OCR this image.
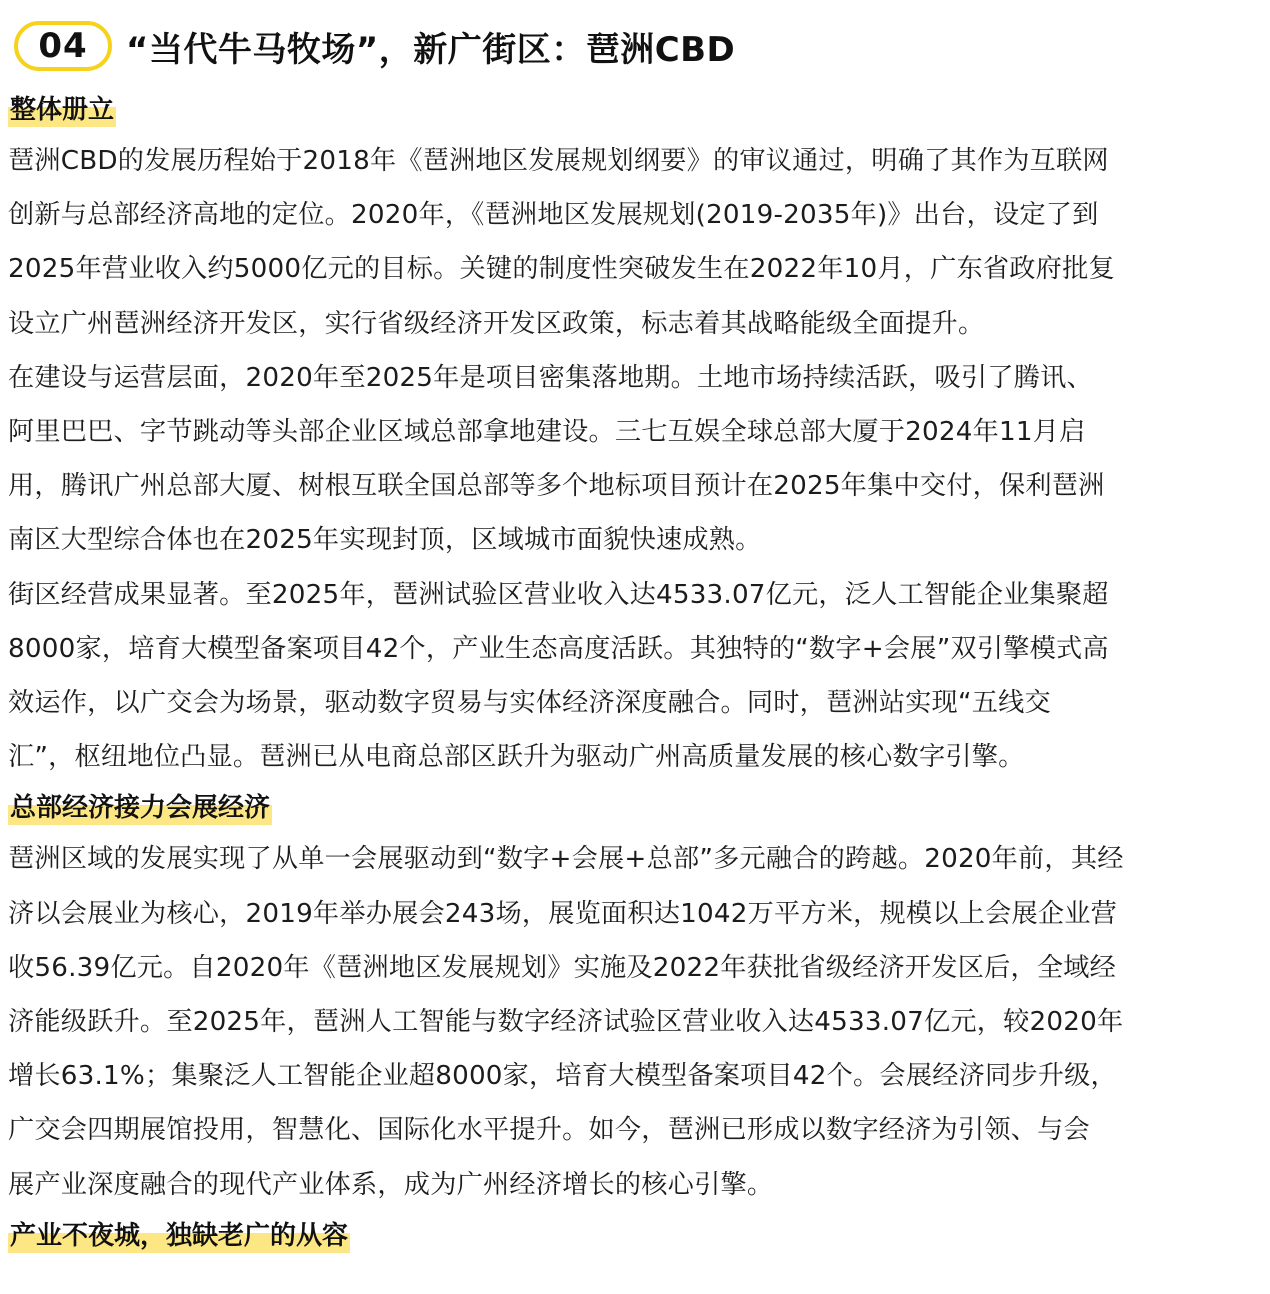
04	“当代牛马牧场”，新广街区：琶洲CBD
整体册立
琶洲CBD的发展历程始于2018年《琶洲地区发展规划纲要》的审议通过，明确了其作为互联网
创新与总部经济高地的定位。2020年，《琶洲地区发展规划(2019-2035年)》出台，设定了到
2025年营业收入约5000亿元的目标。关键的制度性突破发生在2022年10月，广东省政府批复
设立广州琶洲经济开发区，实行省级经济开发区政策，标志着其战略能级全面提升。
在建设与运营层面，2020年至2025年是项目密集落地期。土地市场持续活跃，吸引了腾讯、
阿里巴巴、字节跳动等头部企业区域总部拿地建设。三七互娱全球总部大厦于2024年11月启
用，腾讯广州总部大厦、树根互联全国总部等多个地标项目预计在2025年集中交付，保利琶洲
南区大型综合体也在2025年实现封顶，区域城市面貌快速成熟。
街区经营成果显著。至2025年，琶洲试验区营业收入达4533.07亿元，泛人工智能企业集聚超
8000家，培育大模型备案项目42个，产业生态高度活跃。其独特的“数字+会展”双引擎模式高
效运作，以广交会为场景，驱动数字贸易与实体经济深度融合。同时，琶洲站实现“五线交
汇”，枢纽地位凸显。琶洲已从电商总部区跃升为驱动广州高质量发展的核心数字引擎。
总部经济接力会展经济
琶洲区域的发展实现了从单一会展驱动到“数字+会展+总部”多元融合的跨越。2020年前，其经
济以会展业为核心，2019年举办展会243场，展览面积达1042万平方米，规模以上会展企业营
收56.39亿元。自2020年《琶洲地区发展规划》实施及2022年获批省级经济开发区后，全域经
济能级跃升。至2025年，琶洲人工智能与数字经济试验区营业收入达4533.07亿元，较2020年
增长63.1%；集聚泛人工智能企业超8000家，培育大模型备案项目42个。会展经济同步升级，
广交会四期展馆投用，智慧化、国际化水平提升。如今，琶洲已形成以数字经济为引领、与会
展产业深度融合的现代产业体系，成为广州经济增长的核心引擎。
产业不夜城，独缺老广的从容
